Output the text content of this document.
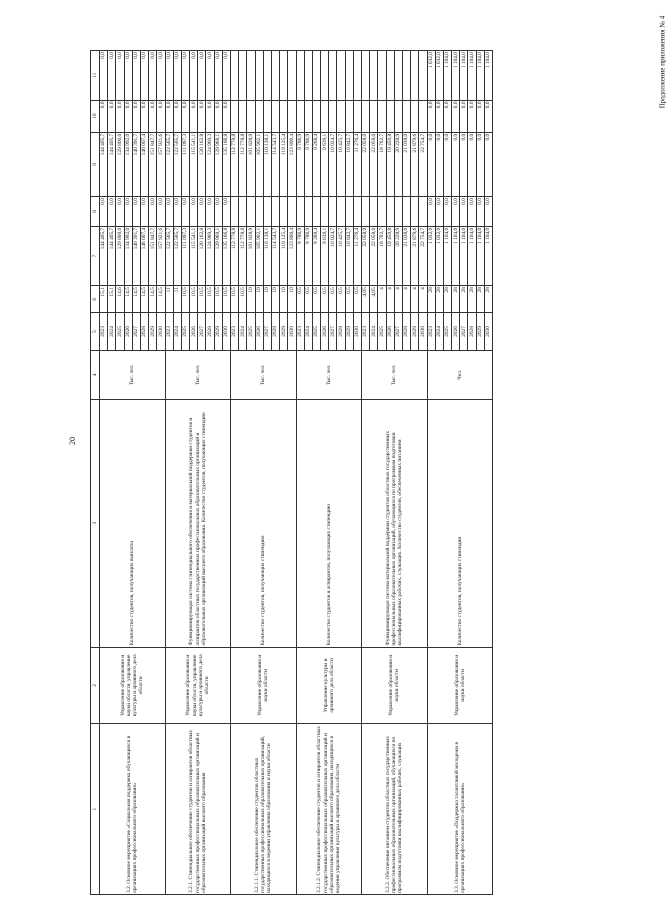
20
Продолжение приложения № 4
1	2	3	4	5	6	7	8	9	10	11
3.2. Основное мероприятие «Социальная поддержка обучающихся в организациях профессионального образования»	Управление образования и науки области, управление культуры и архивного дела области	Количество студентов, получающих выплаты	Тыс. чел.	2023	15,1	144 405,7	0,0	144 405,7	0,0	0,0
				2024	15,1	144 405,7	0,0	144 405,7	0,0	0,0
				2025	14,6	129 800,0	0,0	129 800,0	0,0	0,0
				2026	14,5	134 992,0	0,0	134 992,0	0,0	0,0
				2027	14,5	140 391,7	0,0	140 391,7	0,0	0,0
				2028	14,5	146 007,4	0,0	146 007,4	0,0	0,0
				2029	14,5	151 847,7	0,0	151 847,7	0,0	0,0
				2030	14,5	157 921,6	0,0	157 921,6	0,0	0,0
3.2.1. Стипендиальное обеспечение студентов и аспирантов областных государственных профессиональных образовательных организаций и образовательных организаций высшего образования	Управление образования и науки области, управление культуры и архивного дела области	Функционирующая система стипендиального обеспечения и материальной поддержки студентов и аспирантов областных государственных профессиональных образовательных организаций и образовательных организаций высшего образования. Количество студентов, получающих стипендию	Тыс. чел.	2023	11	122 565,7	0,0	122 565,7	0,0	0,0
				2024	11	122 565,7	0,0	122 565,7	0,0	0,0
				2025	10,5	111 097,3	0,0	111 097,3	0,0	0,0
				2026	10,5	115 541,1	0,0	115 541,1	0,0	0,0
				2027	10,5	120 162,8	0,0	120 162,8	0,0	0,0
				2028	10,5	124 969,3	0,0	124 969,3	0,0	0,0
				2029	10,5	129 968,1	0,0	129 968,1	0,0	0,0
				2030	10,5	135 166,8	0,0	135 166,8	0,0	0,0
3.2.1.1. Стипендиальное обеспечение студентов областных государственных профессиональных образовательных организаций, находящихся в ведении управления образования и науки области	Управление образования и науки области	Количество студентов, получающих стипендию	Тыс. чел.	2023	10,5	112 778,8		112 778,8		
				2024	10,5	112 778,8		112 778,8		
				2025	10	101 828,9		101 828,9		
				2026	10	105 902,1		105 902,1		
				2027	10	110 138,1		110 138,1		
				2028	10	114 543,7		114 543,7		
				2029	10	119 125,4		119 125,4		
				2030	10	123 890,4		123 890,4		
3.2.1.2. Стипендиальное обеспечение студентов и аспирантов областных государственных профессиональных образовательных организаций и образовательных организаций высшего образования, находящихся в ведении управления культуры и архивного дела области	Управление культуры и архивного дела области	Количество студентов и аспирантов, получающих стипендию	Тыс. чел.	2023	0,5	9 786,9		9 786,9		
				2024	0,5	9 786,9		9 786,9		
				2025	0,5	9 268,4		9 268,4		
				2026	0,5	9 639,1		9 639,1		
				2027	0,5	10 024,7		10 024,7		
				2028	0,5	10 425,7		10 425,7		
				2029	0,5	10 842,7		10 842,7		
				2030	0,5	11 276,4		11 276,4		
3.2.2. Обеспечение питанием студентов областных государственных профессиональных образовательных организаций, обучающихся по программам подготовки квалифицированных рабочих, служащих	Управление образования и науки области	Функционирующая система материальной поддержки студентов областных государственных профессиональных образовательных организаций, обучающихся по программам подготовки квалифицированных рабочих, служащих. Количество студентов, обеспеченных питанием	Тыс. чел.	2023	4,05	22 058,0		22 058,0		
				2024	4,05	22 058,0		22 058,0		
				2025	4	18 702,7		18 702,7		
				2026	4	19 450,8		19 450,8		
				2027	4	20 228,9		20 228,9		
				2028	4	21 038,0		21 038,0		
				2029	4	21 879,6		21 879,6		
				2030	4	22 754,7		22 754,7		
3.3. Основное мероприятие «Поддержка талантливой молодежи в организациях профессионального образования»	Управление образования и науки области	Количество студентов, получающих стипендии	Чел.	2023	28	1 032,0	0,0	0,0	0,0	1 032,0
				2024	28	1 032,0	0,0	0,0	0,0	1 032,0
				2025	28	1 104,0	0,0	0,0	0,0	1 104,0
				2026	28	1 104,0	0,0	0,0	0,0	1 104,0
				2027	28	1 104,0	0,0	0,0	0,0	1 104,0
				2028	28	1 104,0	0,0	0,0	0,0	1 104,0
				2029	28	1 104,0	0,0	0,0	0,0	1 104,0
				2030	28	1 104,0	0,0	0,0	0,0	1 104,0
